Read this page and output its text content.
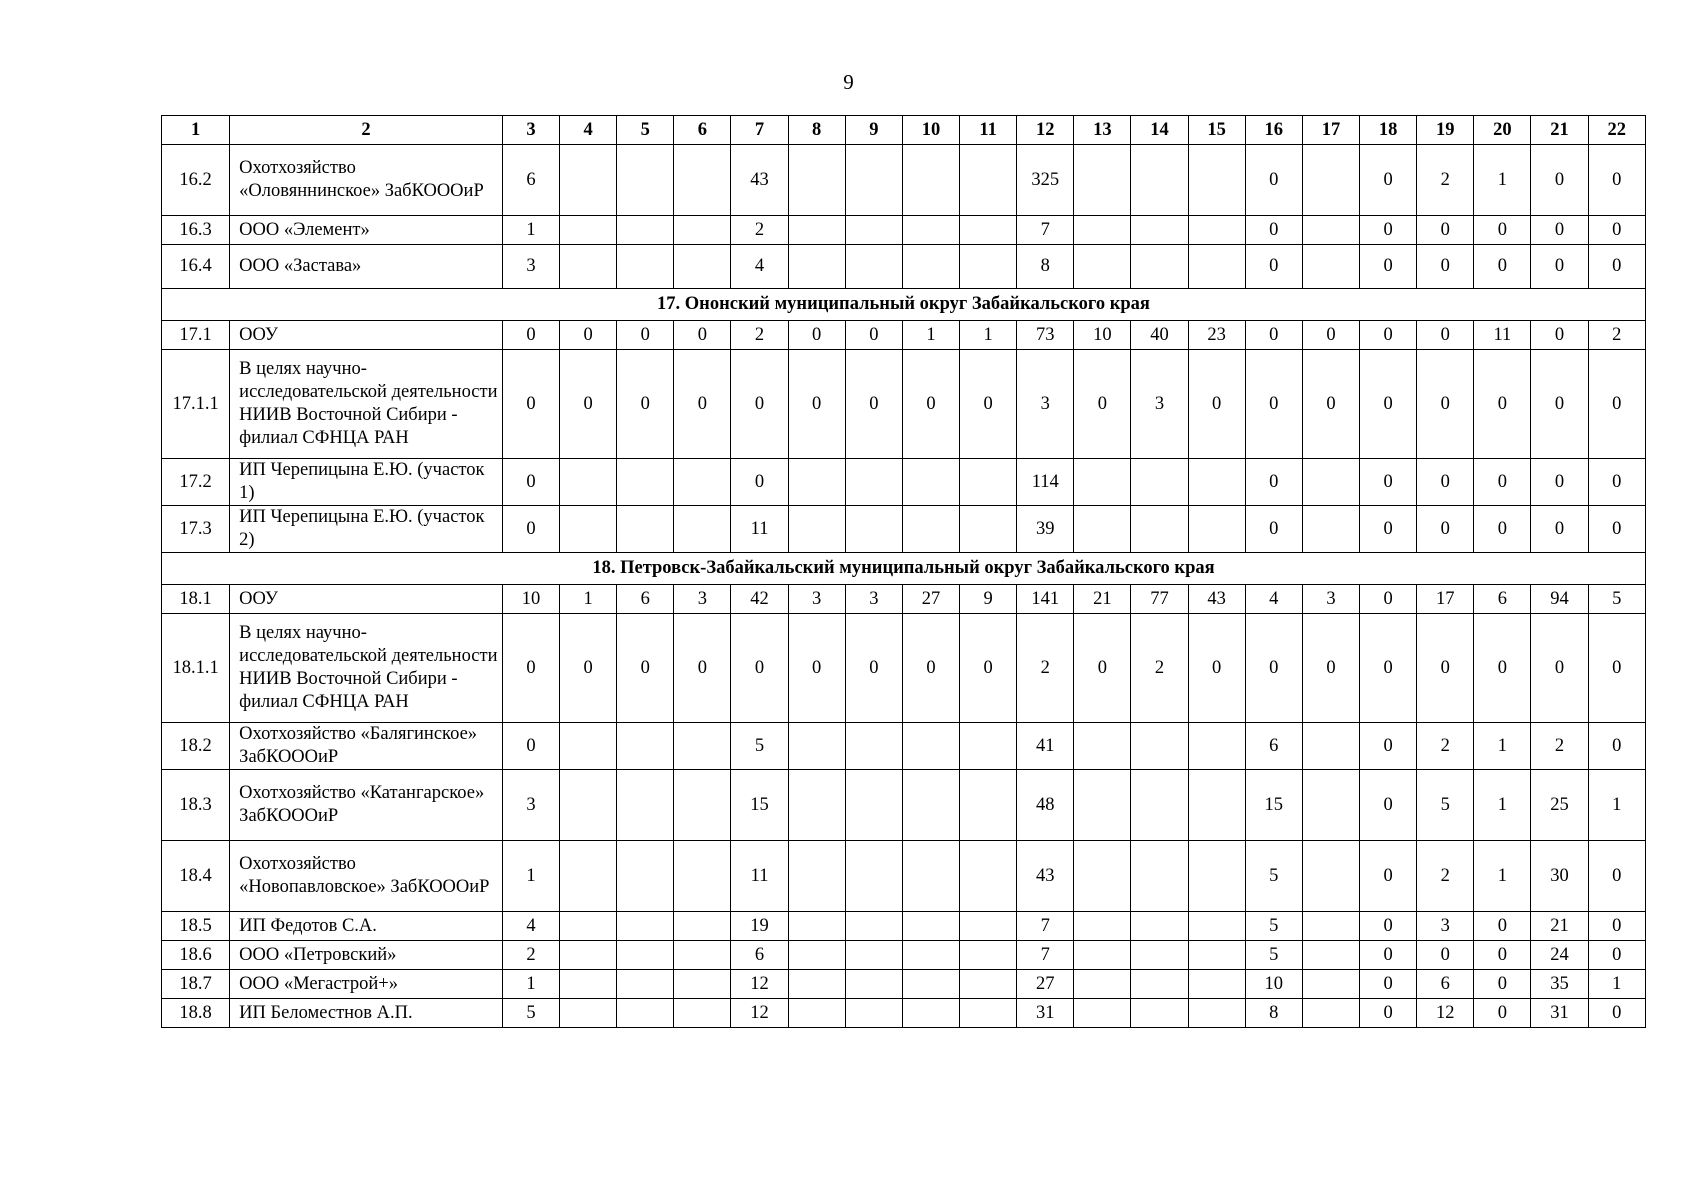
9
1	2	3	4	5	6	7	8	9	10	11	12	13	14	15	16	17	18	19	20	21	22
16.2	Охотхозяйство «Оловяннинское» ЗабКОООиР	6				43					325				0		0	2	1	0	0
16.3	ООО «Элемент»	1				2					7				0		0	0	0	0	0
16.4	ООО «Застава»	3				4					8				0		0	0	0	0	0
17. Ононский муниципальный округ Забайкальского края																					
17.1	ООУ	0	0	0	0	2	0	0	1	1	73	10	40	23	0	0	0	0	11	0	2
17.1.1	В целях научно-исследовательской деятельности НИИВ Восточной Сибири - филиал СФНЦА РАН	0	0	0	0	0	0	0	0	0	3	0	3	0	0	0	0	0	0	0	0
17.2	ИП Черепицына Е.Ю. (участок 1)	0				0					114				0		0	0	0	0	0
17.3	ИП Черепицына Е.Ю. (участок 2)	0				11					39				0		0	0	0	0	0
18. Петровск-Забайкальский муниципальный округ Забайкальского края																					
18.1	ООУ	10	1	6	3	42	3	3	27	9	141	21	77	43	4	3	0	17	6	94	5
18.1.1	В целях научно-исследовательской деятельности НИИВ Восточной Сибири - филиал СФНЦА РАН	0	0	0	0	0	0	0	0	0	2	0	2	0	0	0	0	0	0	0	0
18.2	Охотхозяйство «Балягинское» ЗабКОООиР	0				5					41				6		0	2	1	2	0
18.3	Охотхозяйство «Катангарское» ЗабКОООиР	3				15					48				15		0	5	1	25	1
18.4	Охотхозяйство «Новопавловское» ЗабКОООиР	1				11					43				5		0	2	1	30	0
18.5	ИП Федотов С.А.	4				19					7				5		0	3	0	21	0
18.6	ООО «Петровский»	2				6					7				5		0	0	0	24	0
18.7	ООО «Мегастрой+»	1				12					27				10		0	6	0	35	1
18.8	ИП Беломестнов А.П.	5				12					31				8		0	12	0	31	0
